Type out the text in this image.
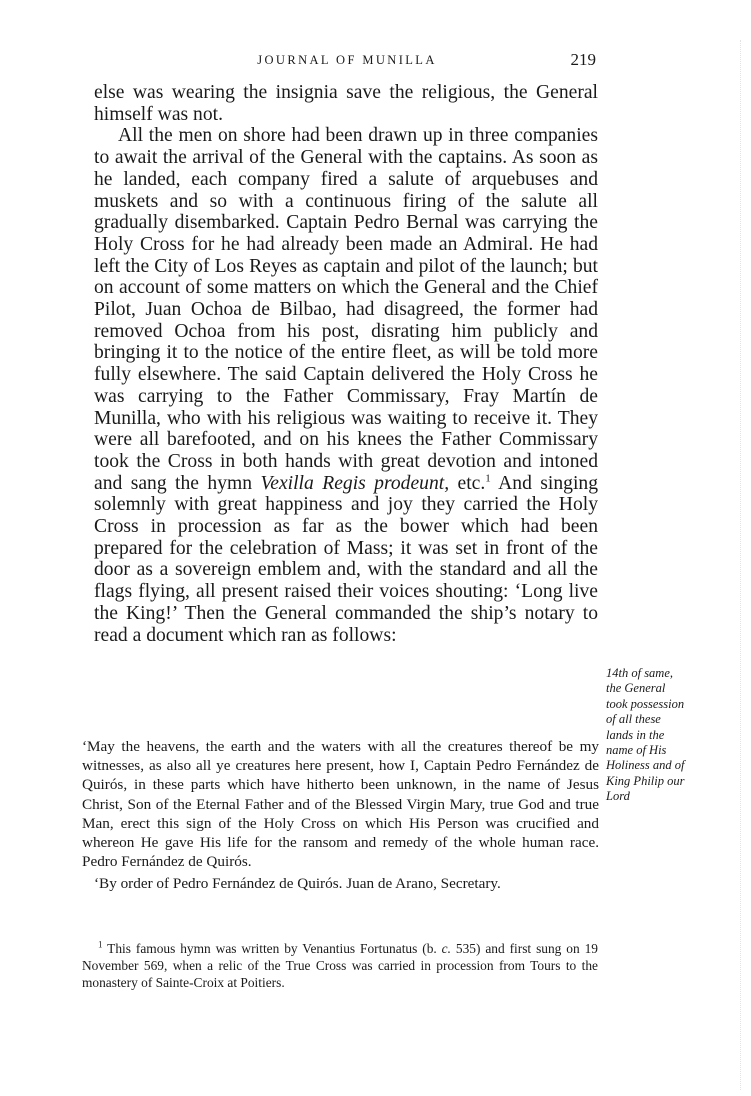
JOURNAL OF MUNILLA	219

else was wearing the insignia save the religious, the General himself was not.

All the men on shore had been drawn up in three companies to await the arrival of the General with the captains. As soon as he landed, each company fired a salute of arquebuses and muskets and so with a continuous firing of the salute all gradually disembarked. Captain Pedro Bernal was carrying the Holy Cross for he had already been made an Admiral. He had left the City of Los Reyes as captain and pilot of the launch; but on account of some matters on which the General and the Chief Pilot, Juan Ochoa de Bilbao, had disagreed, the former had removed Ochoa from his post, disrating him publicly and bringing it to the notice of the entire fleet, as will be told more fully elsewhere. The said Captain delivered the Holy Cross he was carrying to the Father Commissary, Fray Martín de Munilla, who with his religious was waiting to receive it. They were all barefooted, and on his knees the Father Commissary took the Cross in both hands with great devotion and intoned and sang the hymn Vexilla Regis prodeunt, etc.$^1$ And singing solemnly with great happiness and joy they carried the Holy Cross in procession as far as the bower which had been prepared for the celebration of Mass; it was set in front of the door as a sovereign emblem and, with the standard and all the flags flying, all present raised their voices shouting: ‘Long live the King!’ Then the General commanded the ship’s notary to read a document which ran as follows:

14th of same, the General took possession of all these lands in the name of His Holiness and of King Philip our Lord

‘May the heavens, the earth and the waters with all the creatures thereof be my witnesses, as also all ye creatures here present, how I, Captain Pedro Fernández de Quirós, in these parts which have hitherto been unknown, in the name of Jesus Christ, Son of the Eternal Father and of the Blessed Virgin Mary, true God and true Man, erect this sign of the Holy Cross on which His Person was crucified and whereon He gave His life for the ransom and remedy of the whole human race. Pedro Fernández de Quirós.

‘By order of Pedro Fernández de Quirós. Juan de Arano, Secretary.

$^1$ This famous hymn was written by Venantius Fortunatus (b. c. 535) and first sung on 19 November 569, when a relic of the True Cross was carried in procession from Tours to the monastery of Sainte-Croix at Poitiers.
